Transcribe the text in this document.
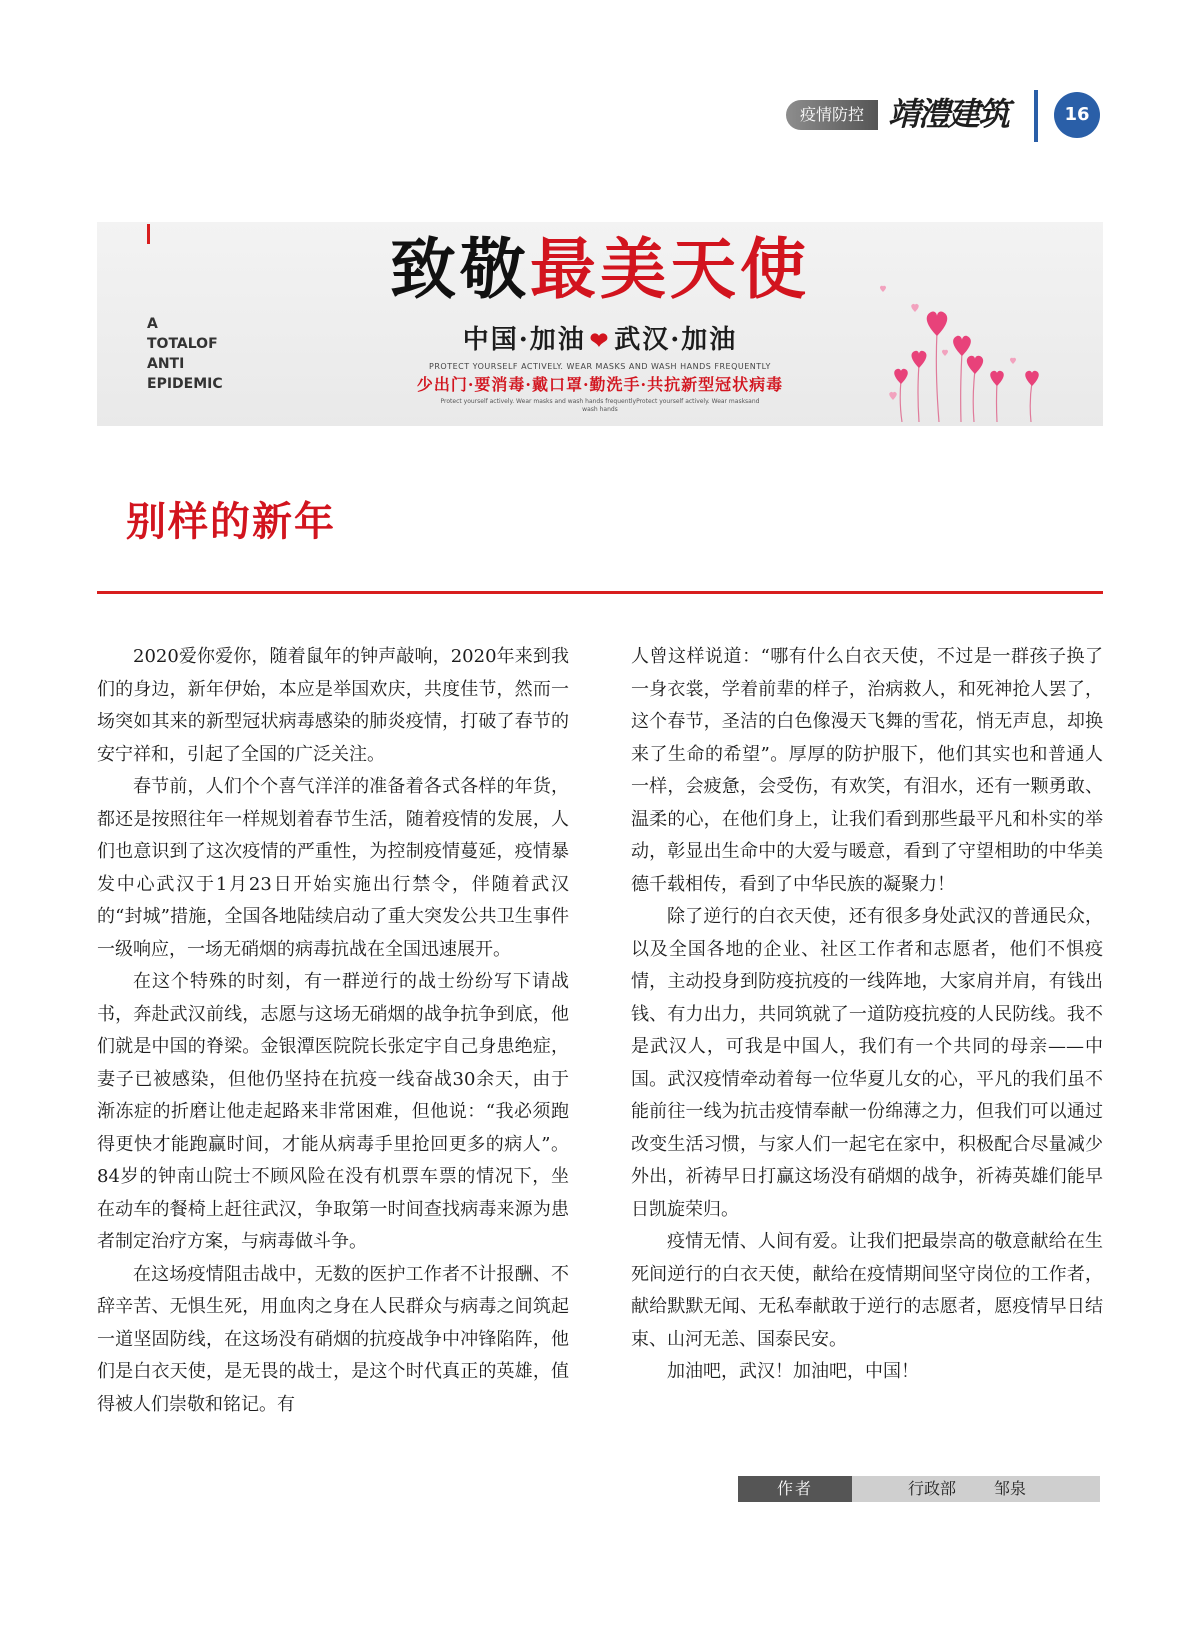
疫情防控 靖澧建筑	16
A
TOTALOF
ANTI
EPIDEMIC
致敬最美天使
中国·加油 ❤ 武汉·加油
PROTECT YOURSELF ACTIVELY. WEAR MASKS AND WASH HANDS FREQUENTLY
少出门·要消毒·戴口罩·勤洗手·共抗新型冠状病毒
Protect yourself actively. Wear masks and wash hands frequentlyProtect yourself actively. Wear masksand
wash hands
别样的新年

2020爱你爱你，随着鼠年的钟声敲响，2020年来到我们的身边，新年伊始，本应是举国欢庆，共度佳节，然而一场突如其来的新型冠状病毒感染的肺炎疫情，打破了春节的安宁祥和，引起了全国的广泛关注。

春节前，人们个个喜气洋洋的准备着各式各样的年货，都还是按照往年一样规划着春节生活，随着疫情的发展，人们也意识到了这次疫情的严重性，为控制疫情蔓延，疫情暴发中心武汉于1月23日开始实施出行禁令，伴随着武汉的“封城”措施，全国各地陆续启动了重大突发公共卫生事件一级响应，一场无硝烟的病毒抗战在全国迅速展开。

在这个特殊的时刻，有一群逆行的战士纷纷写下请战书，奔赴武汉前线，志愿与这场无硝烟的战争抗争到底，他们就是中国的脊梁。金银潭医院院长张定宇自己身患绝症，妻子已被感染，但他仍坚持在抗疫一线奋战30余天，由于渐冻症的折磨让他走起路来非常困难，但他说：“我必须跑得更快才能跑赢时间，才能从病毒手里抢回更多的病人”。84岁的钟南山院士不顾风险在没有机票车票的情况下，坐在动车的餐椅上赶往武汉，争取第一时间查找病毒来源为患者制定治疗方案，与病毒做斗争。

在这场疫情阻击战中，无数的医护工作者不计报酬、不辞辛苦、无惧生死，用血肉之身在人民群众与病毒之间筑起一道坚固防线，在这场没有硝烟的抗疫战争中冲锋陷阵，他们是白衣天使，是无畏的战士，是这个时代真正的英雄，值得被人们崇敬和铭记。有

人曾这样说道：“哪有什么白衣天使，不过是一群孩子换了一身衣裳，学着前辈的样子，治病救人，和死神抢人罢了，这个春节，圣洁的白色像漫天飞舞的雪花，悄无声息，却换来了生命的希望”。厚厚的防护服下，他们其实也和普通人一样，会疲惫，会受伤，有欢笑，有泪水，还有一颗勇敢、温柔的心，在他们身上，让我们看到那些最平凡和朴实的举动，彰显出生命中的大爱与暖意，看到了守望相助的中华美德千载相传，看到了中华民族的凝聚力！

除了逆行的白衣天使，还有很多身处武汉的普通民众，以及全国各地的企业、社区工作者和志愿者，他们不惧疫情，主动投身到防疫抗疫的一线阵地，大家肩并肩，有钱出钱、有力出力，共同筑就了一道防疫抗疫的人民防线。我不是武汉人，可我是中国人，我们有一个共同的母亲——中国。武汉疫情牵动着每一位华夏儿女的心，平凡的我们虽不能前往一线为抗击疫情奉献一份绵薄之力，但我们可以通过改变生活习惯，与家人们一起宅在家中，积极配合尽量减少外出，祈祷早日打赢这场没有硝烟的战争，祈祷英雄们能早日凯旋荣归。

疫情无情、人间有爱。让我们把最崇高的敬意献给在生死间逆行的白衣天使，献给在疫情期间坚守岗位的工作者，献给默默无闻、无私奉献敢于逆行的志愿者，愿疫情早日结束、山河无恙、国泰民安。

加油吧，武汉！加油吧，中国！

作者	行政部 邹泉
